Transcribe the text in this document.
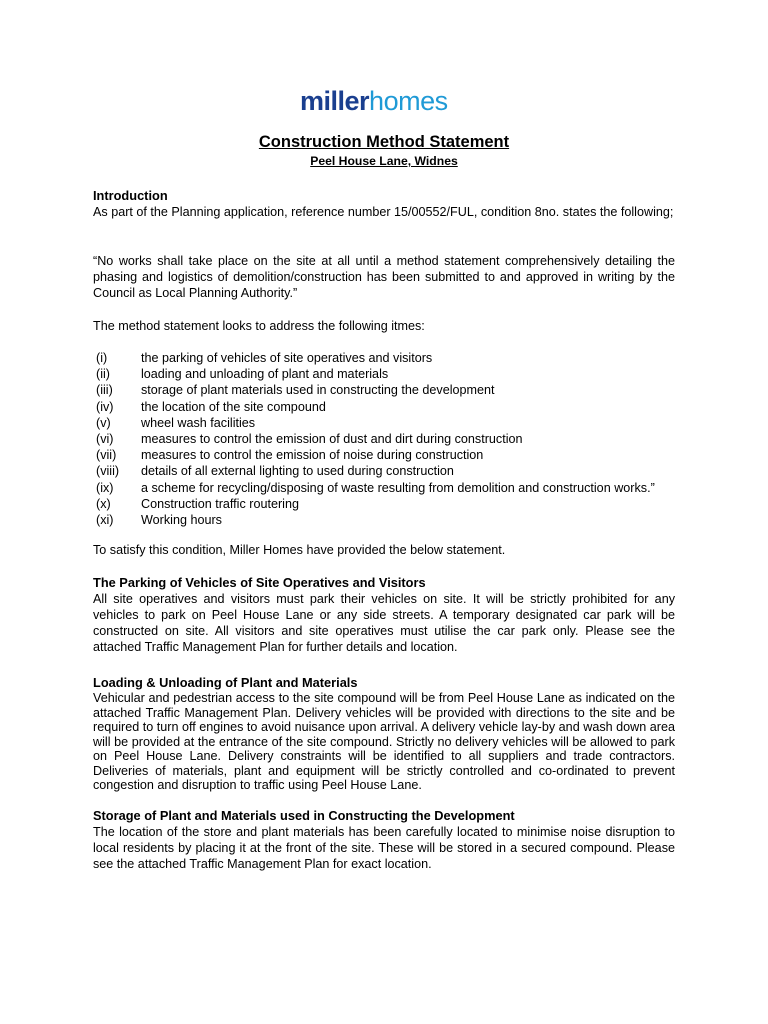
millerhomes
Construction Method Statement
Peel House Lane, Widnes
Introduction
As part of the Planning application, reference number 15/00552/FUL, condition 8no. states the following;
“No works shall take place on the site at all until a method statement comprehensively detailing the phasing and logistics of demolition/construction has been submitted to and approved in writing by the Council as Local Planning Authority.”
The method statement looks to address the following itmes:
(i)	the parking of vehicles of site operatives and visitors
(ii)	loading and unloading of plant and materials
(iii)	storage of plant materials used in constructing the development
(iv)	the location of the site compound
(v)	wheel wash facilities
(vi)	measures to control the emission of dust and dirt during construction
(vii)	measures to control the emission of noise during construction
(viii)	details of all external lighting to used during construction
(ix)	a scheme for recycling/disposing of waste resulting from demolition and construction works.”
(x)	Construction traffic routering
(xi)	Working hours
To satisfy this condition, Miller Homes have provided the below statement.
The Parking of Vehicles of Site Operatives and Visitors
All site operatives and visitors must park their vehicles on site. It will be strictly prohibited for any vehicles to park on Peel House Lane or any side streets. A temporary designated car park will be constructed on site. All visitors and site operatives must utilise the car park only. Please see the attached Traffic Management Plan for further details and location.
Loading & Unloading of Plant and Materials
Vehicular and pedestrian access to the site compound will be from Peel House Lane as indicated on the attached Traffic Management Plan. Delivery vehicles will be provided with directions to the site and be required to turn off engines to avoid nuisance upon arrival. A delivery vehicle lay-by and wash down area will be provided at the entrance of the site compound. Strictly no delivery vehicles will be allowed to park on Peel House Lane. Delivery constraints will be identified to all suppliers and trade contractors. Deliveries of materials, plant and equipment will be strictly controlled and co-ordinated to prevent congestion and disruption to traffic using Peel House Lane.
Storage of Plant and Materials used in Constructing the Development
The location of the store and plant materials has been carefully located to minimise noise disruption to local residents by placing it at the front of the site. These will be stored in a secured compound. Please see the attached Traffic Management Plan for exact location.
